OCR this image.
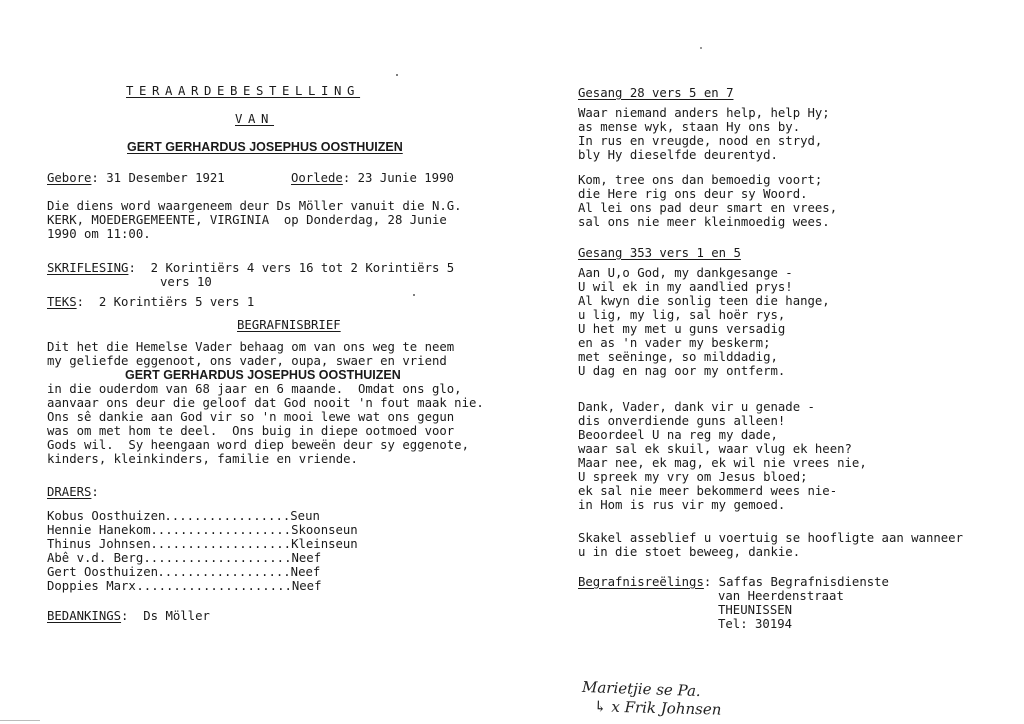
TERAARDEBESTELLING
VAN
GERT GERHARDUS JOSEPHUS OOSTHUIZEN
Gebore: 31 Desember 1921	Oorlede: 23 Junie 1990
Die diens word waargeneem deur Ds Möller vanuit die N.G.
KERK, MOEDERGEMEENTE, VIRGINIA  op Donderdag, 28 Junie
1990 om 11:00.
SKRIFLESING:  2 Korintiërs 4 vers 16 tot 2 Korintiërs 5
vers 10
TEKS:  2 Korintiërs 5 vers 1
BEGRAFNISBRIEF
Dit het die Hemelse Vader behaag om van ons weg te neem
my geliefde eggenoot, ons vader, oupa, swaer en vriend
GERT GERHARDUS JOSEPHUS OOSTHUIZEN
in die ouderdom van 68 jaar en 6 maande.  Omdat ons glo,
aanvaar ons deur die geloof dat God nooit 'n fout maak nie.
Ons sê dankie aan God vir so 'n mooi lewe wat ons gegun
was om met hom te deel.  Ons buig in diepe ootmoed voor
Gods wil.  Sy heengaan word diep beweën deur sy eggenote,
kinders, kleinkinders, familie en vriende.
DRAERS:
Kobus Oosthuizen .................Seun
Hennie Hanekom ...................Skoonseun
Thinus Johnsen ...................Kleinseun
Abê v.d. Berg ....................Neef
Gert Oosthuizen ..................Neef
Doppies Marx .....................Neef
BEDANKINGS:  Ds Möller
Gesang 28 vers 5 en 7
Waar niemand anders help, help Hy;
as mense wyk, staan Hy ons by.
In rus en vreugde, nood en stryd,
bly Hy dieselfde deurentyd.
Kom, tree ons dan bemoedig voort;
die Here rig ons deur sy Woord.
Al lei ons pad deur smart en vrees,
sal ons nie meer kleinmoedig wees.
Gesang 353 vers 1 en 5
Aan U,o God, my dankgesange -
U wil ek in my aandlied prys!
Al kwyn die sonlig teen die hange,
u lig, my lig, sal hoër rys,
U het my met u guns versadig
en as 'n vader my beskerm;
met seëninge, so milddadig,
U dag en nag oor my ontferm.
Dank, Vader, dank vir u genade -
dis onverdiende guns alleen!
Beoordeel U na reg my dade,
waar sal ek skuil, waar vlug ek heen?
Maar nee, ek mag, ek wil nie vrees nie,
U spreek my vry om Jesus bloed;
ek sal nie meer bekommerd wees nie-
in Hom is rus vir my gemoed.
Skakel asseblief u voertuig se hoofligte aan wanneer
u in die stoet beweeg, dankie.
Begrafnisreëlings: Saffas Begrafnisdienste
van Heerdenstraat
THEUNISSEN
Tel: 30194
Marietjie se Pa.
↳ x Frik Johnsen
